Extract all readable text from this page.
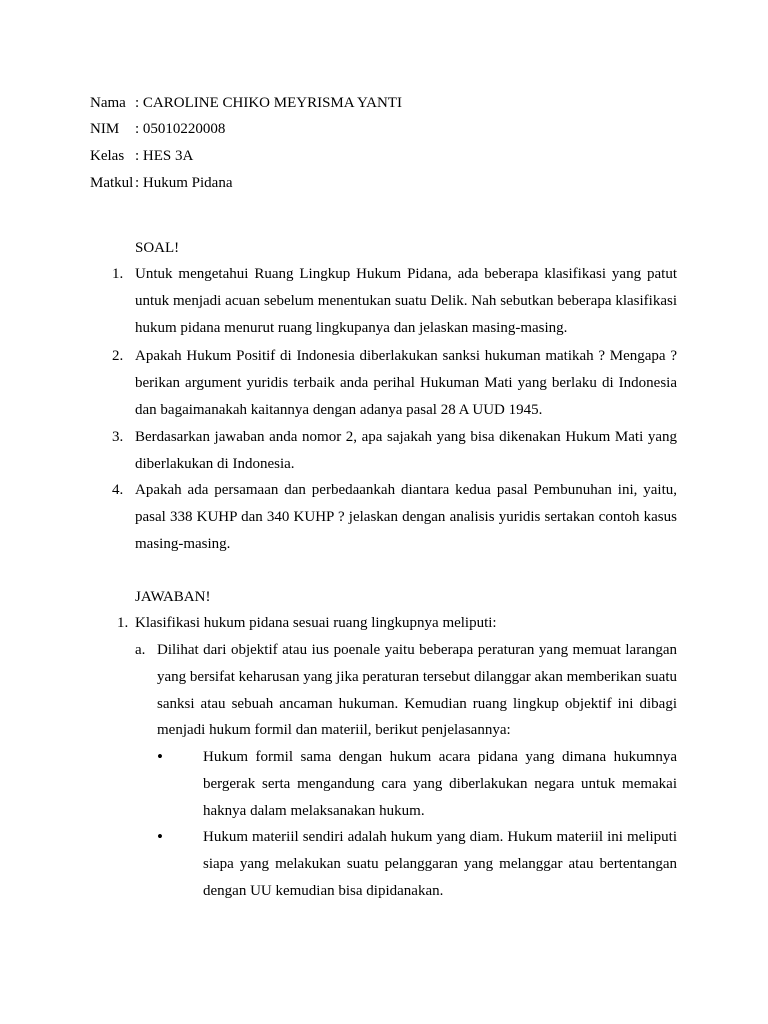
Nama : CAROLINE CHIKO MEYRISMA YANTI
NIM : 05010220008
Kelas : HES 3A
Matkul : Hukum Pidana
SOAL!
1. Untuk mengetahui Ruang Lingkup Hukum Pidana, ada beberapa klasifikasi yang patut untuk menjadi acuan sebelum menentukan suatu Delik. Nah sebutkan beberapa klasifikasi hukum pidana menurut ruang lingkupanya dan jelaskan masing-masing.
2. Apakah Hukum Positif di Indonesia diberlakukan sanksi hukuman matikah ? Mengapa ? berikan argument yuridis terbaik anda perihal Hukuman Mati yang berlaku di Indonesia dan bagaimanakah kaitannya dengan adanya pasal 28 A UUD 1945.
3. Berdasarkan jawaban anda nomor 2, apa sajakah yang bisa dikenakan Hukum Mati yang diberlakukan di Indonesia.
4. Apakah ada persamaan dan perbedaankah diantara kedua pasal Pembunuhan ini, yaitu, pasal 338 KUHP dan 340 KUHP ? jelaskan dengan analisis yuridis sertakan contoh kasus masing-masing.
JAWABAN!
1. Klasifikasi hukum pidana sesuai ruang lingkupnya meliputi:
a. Dilihat dari objektif atau ius poenale yaitu beberapa peraturan yang memuat larangan yang bersifat keharusan yang jika peraturan tersebut dilanggar akan memberikan suatu sanksi atau sebuah ancaman hukuman. Kemudian ruang lingkup objektif ini dibagi menjadi hukum formil dan materiil, berikut penjelasannya:
•	Hukum formil sama dengan hukum acara pidana yang dimana hukumnya bergerak serta mengandung cara yang diberlakukan negara untuk memakai haknya dalam melaksanakan hukum.
•	Hukum materiil sendiri adalah hukum yang diam. Hukum materiil ini meliputi siapa yang melakukan suatu pelanggaran yang melanggar atau bertentangan dengan UU kemudian bisa dipidanakan.
